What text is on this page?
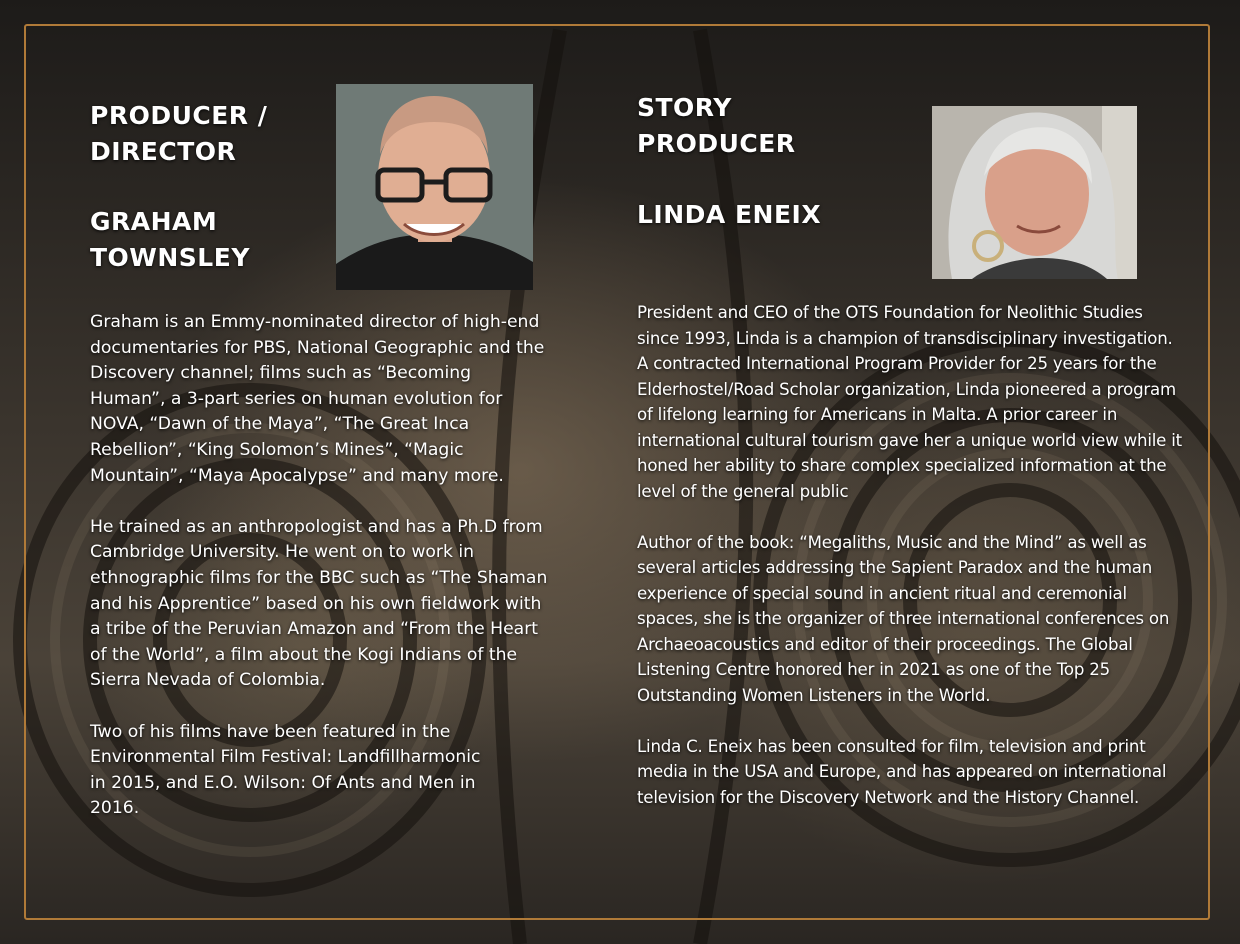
PRODUCER / DIRECTOR
GRAHAM TOWNSLEY

Graham is an Emmy-nominated director of high-end documentaries for PBS, National Geographic and the Discovery channel; films such as “Becoming Human”, a 3-part series on human evolution for NOVA, “Dawn of the Maya”, “The Great Inca Rebellion”, “King Solomon’s Mines”, “Magic Mountain”, “Maya Apocalypse” and many more.

He trained as an anthropologist and has a Ph.D from Cambridge University. He went on to work in ethnographic films for the BBC such as “The Shaman and his Apprentice” based on his own fieldwork with a tribe of the Peruvian Amazon and “From the Heart of the World”, a film about the Kogi Indians of the Sierra Nevada of Colombia.

Two of his films have been featured in the Environmental Film Festival: Landfillharmonic in 2015, and E.O. Wilson: Of Ants and Men in 2016.

STORY PRODUCER
LINDA ENEIX

President and CEO of the OTS Foundation for Neolithic Studies since 1993, Linda is a champion of transdisciplinary investigation. A contracted International Program Provider for 25 years for the Elderhostel/Road Scholar organization, Linda pioneered a program of lifelong learning for Americans in Malta. A prior career in international cultural tourism gave her a unique world view while it honed her ability to share complex specialized information at the level of the general public

Author of the book: “Megaliths, Music and the Mind” as well as several articles addressing the Sapient Paradox and the human experience of special sound in ancient ritual and ceremonial spaces, she is the organizer of three international conferences on Archaeoacoustics and editor of their proceedings. The Global Listening Centre honored her in 2021 as one of the Top 25 Outstanding Women Listeners in the World.

Linda C. Eneix has been consulted for film, television and print media in the USA and Europe, and has appeared on international television for the Discovery Network and the History Channel.
